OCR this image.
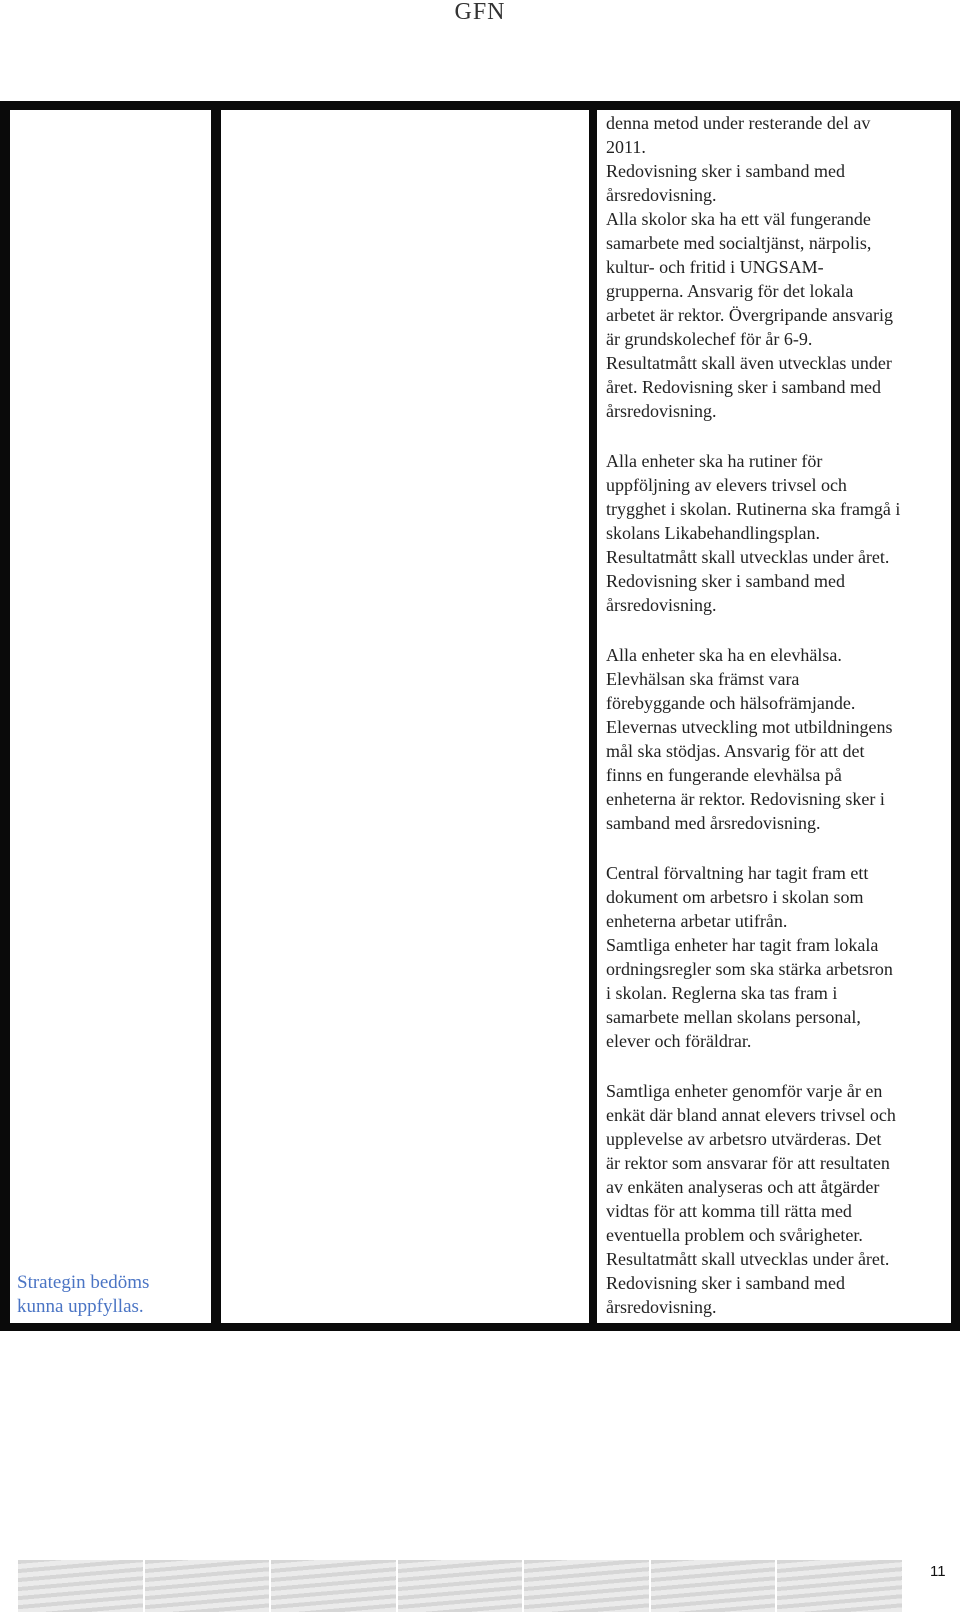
GFN
Strategin bedöms
kunna uppfyllas.
denna metod under resterande del av
2011.
Redovisning sker i samband med
årsredovisning.
Alla skolor ska ha ett väl fungerande
samarbete med socialtjänst, närpolis,
kultur- och fritid i UNGSAM-
grupperna. Ansvarig för det lokala
arbetet är rektor. Övergripande ansvarig
är grundskolechef för år 6-9.
Resultatmått skall även utvecklas under
året. Redovisning sker i samband med
årsredovisning.
Alla enheter ska ha rutiner för
uppföljning av elevers trivsel och
trygghet i skolan. Rutinerna ska framgå i
skolans Likabehandlingsplan.
Resultatmått skall utvecklas under året.
Redovisning sker i samband med
årsredovisning.
Alla enheter ska ha en elevhälsa.
Elevhälsan ska främst vara
förebyggande och hälsofrämjande.
Elevernas utveckling mot utbildningens
mål ska stödjas. Ansvarig för att det
finns en fungerande elevhälsa på
enheterna är rektor. Redovisning sker i
samband med årsredovisning.
Central förvaltning har tagit fram ett
dokument om arbetsro i skolan som
enheterna arbetar utifrån.
Samtliga enheter har tagit fram lokala
ordningsregler som ska stärka arbetsron
i skolan. Reglerna ska tas fram i
samarbete mellan skolans personal,
elever och föräldrar.
Samtliga enheter genomför varje år en
enkät där bland annat elevers trivsel och
upplevelse av arbetsro utvärderas. Det
är rektor som ansvarar för att resultaten
av enkäten analyseras och att åtgärder
vidtas för att komma till rätta med
eventuella problem och svårigheter.
Resultatmått skall utvecklas under året.
Redovisning sker i samband med
årsredovisning.
11
